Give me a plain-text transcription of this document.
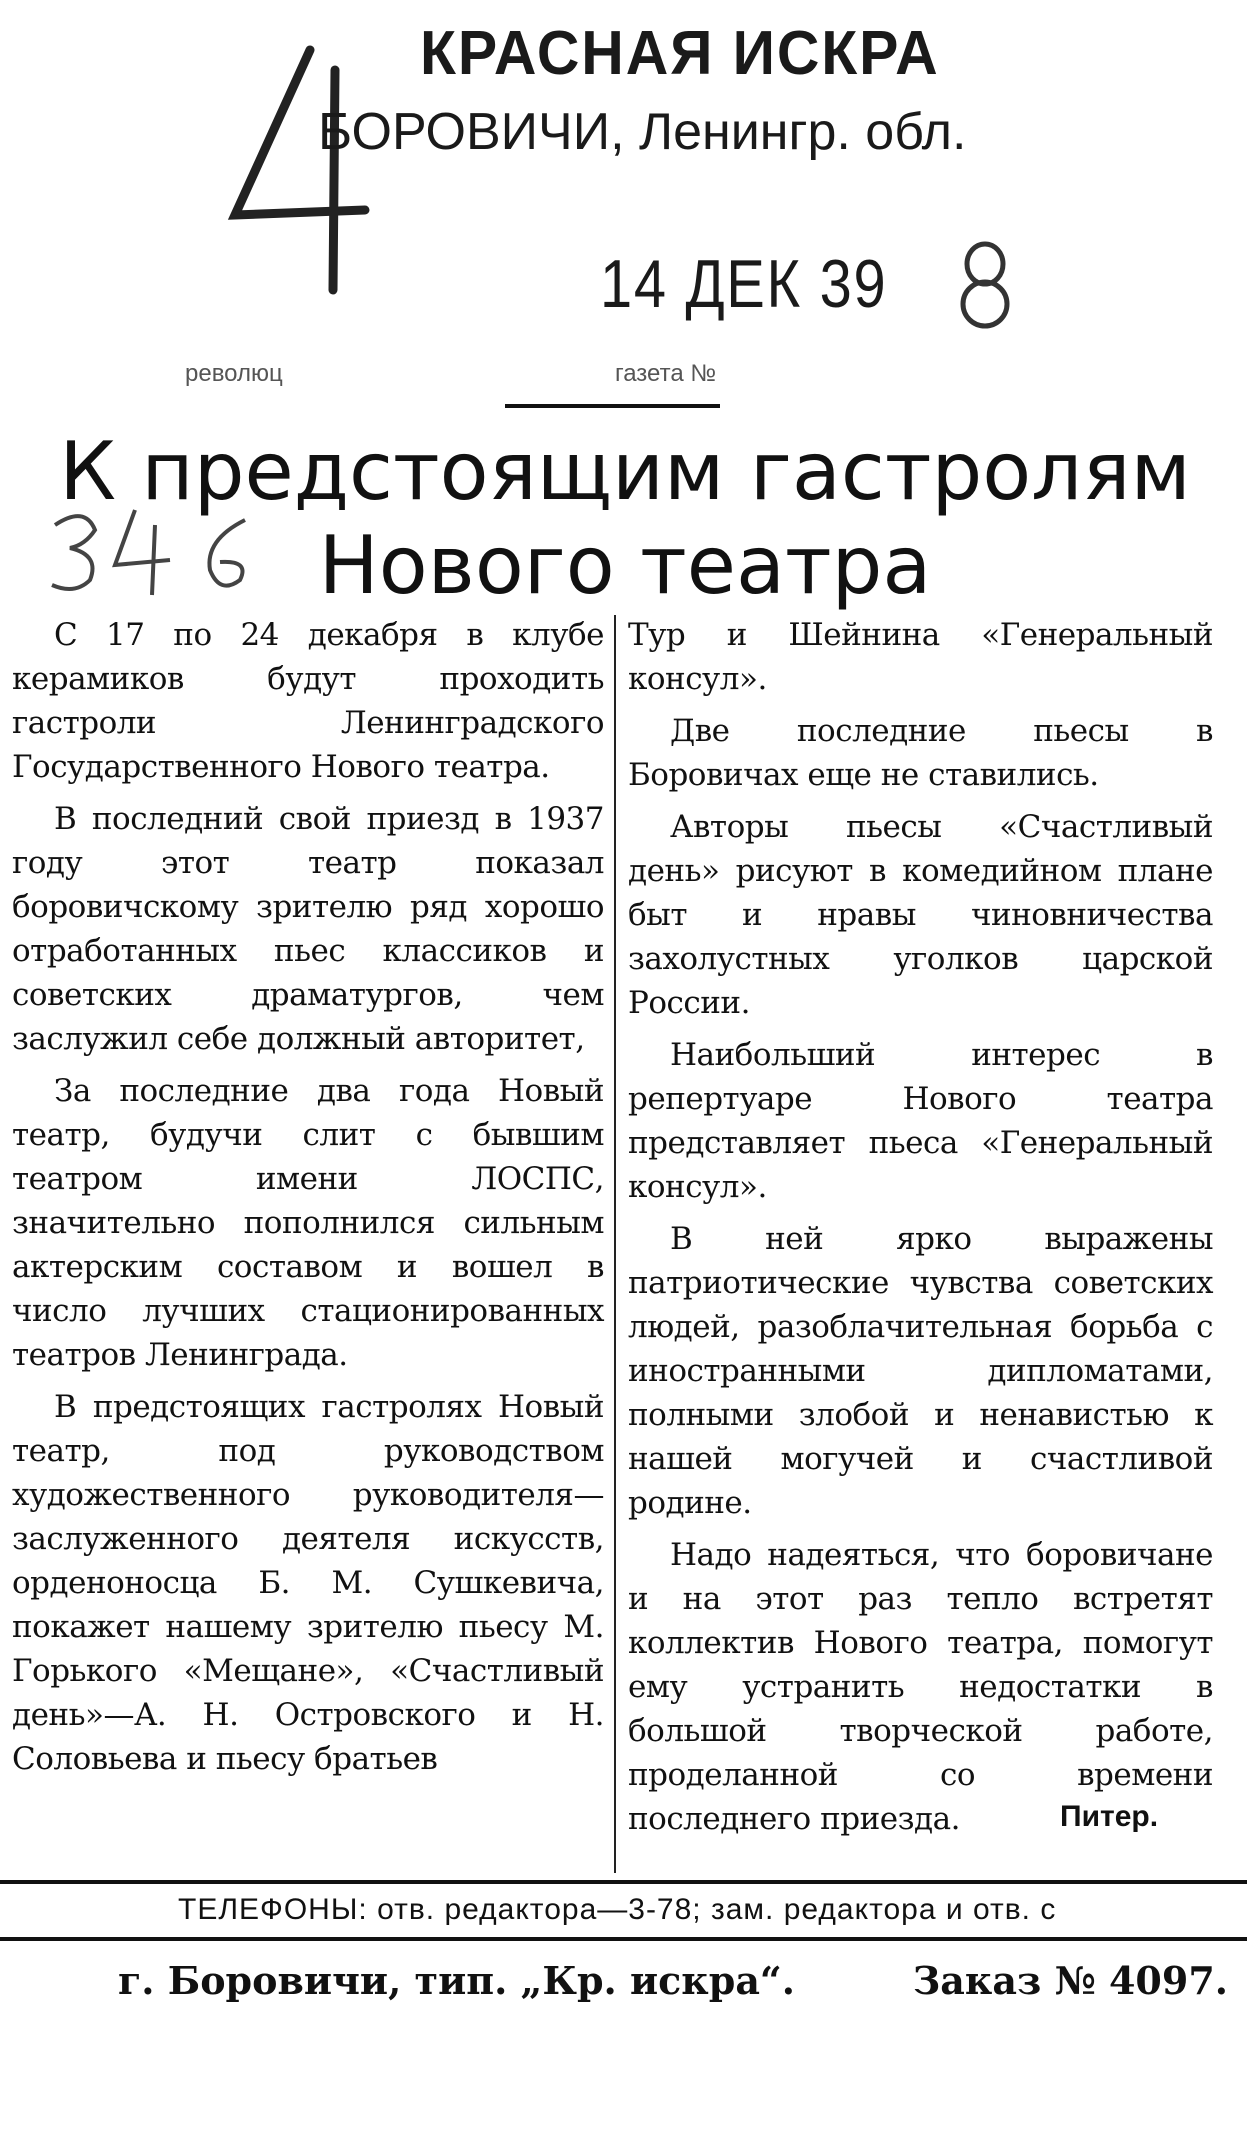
КРАСНАЯ ИСКРА
БОРОВИЧИ, Ленингр. обл.
14 ДЕК 39
революц	газета №
К предстоящим гастролям
Нового театра

С 17 по 24 декабря в клубе керамиков будут проходить гастроли Ленинградского Государственного Нового театра.

В последний свой приезд в 1937 году этот театр показал боровичскому зрителю ряд хорошо отработанных пьес классиков и советских драматургов, чем заслужил себе должный авторитет,

За последние два года Новый театр, будучи слит с бывшим театром имени ЛОСПС, значительно пополнился сильным актерским составом и вошел в число лучших стационированных театров Ленинграда.

В предстоящих гастролях Новый театр, под руководством художественного руководителя—заслуженного деятеля искусств, орденоносца Б. М. Сушкевича, покажет нашему зрителю пьесу М. Горького «Мещане», «Счастливый день»—А. Н. Островского и Н. Соловьева и пьесу братьев

Тур и Шейнина «Генеральный консул».

Две последние пьесы в Боровичах еще не ставились.

Авторы пьесы «Счастливый день» рисуют в комедийном плане быт и нравы чиновничества захолустных уголков царской России.

Наибольший интерес в репертуаре Нового театра представляет пьеса «Генеральный консул».

В ней ярко выражены патриотические чувства советских людей, разоблачительная борьба с иностранными дипломатами, полными злобой и ненавистью к нашей могучей и счастливой родине.

Надо надеяться, что боровичане и на этот раз тепло встретят коллектив Нового театра, помогут ему устранить недостатки в большой творческой работе, проделанной со времени последнего приезда.	Питер.
ТЕЛЕФОНЫ: отв. редактора—3-78; зам. редактора и отв. с
г. Боровичи, тип. „Кр. искра“.	Заказ № 4097.
